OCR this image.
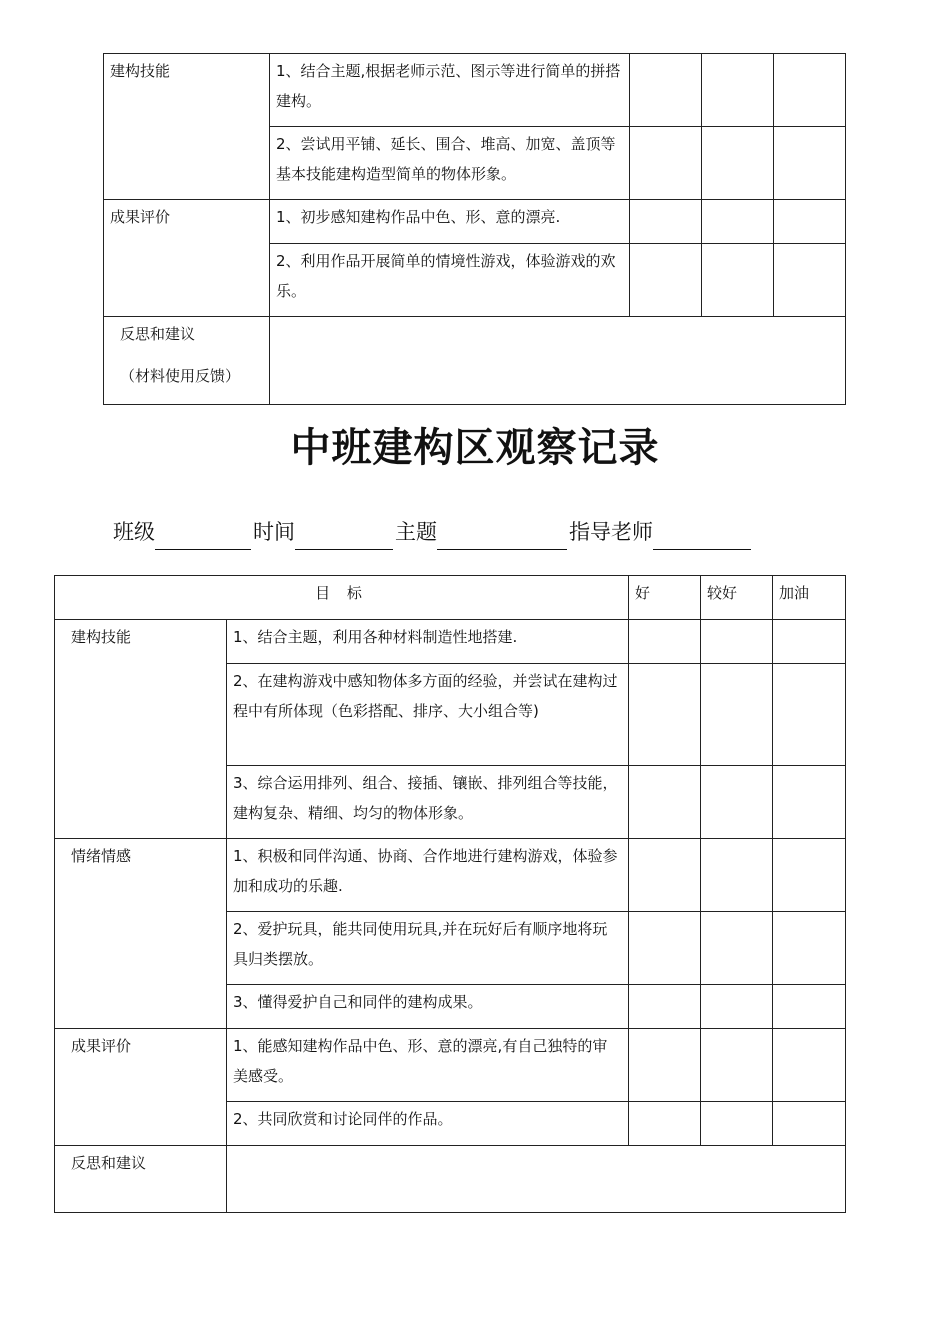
建构技能	1、结合主题,根据老师示范、图示等进行简单的拼搭建构。			
	2、尝试用平铺、延长、围合、堆高、加宽、盖顶等基本技能建构造型简单的物体形象。			
成果评价	1、初步感知建构作品中色、形、意的漂亮.			
	2、利用作品开展简单的情境性游戏，体验游戏的欢乐。			
反思和建议
（材料使用反馈）				

中班建构区观察记录
班级	时间	主题	指导老师
目 标		好	较好	加油
建构技能	1、结合主题，利用各种材料制造性地搭建.			
	2、在建构游戏中感知物体多方面的经验，并尝试在建构过程中有所体现（色彩搭配、排序、大小组合等)			
	3、综合运用排列、组合、接插、镶嵌、排列组合等技能，建构复杂、精细、均匀的物体形象。			
情绪情感	1、积极和同伴沟通、协商、合作地进行建构游戏，体验参加和成功的乐趣.			
	2、爱护玩具，能共同使用玩具,并在玩好后有顺序地将玩具归类摆放。			
	3、懂得爱护自己和同伴的建构成果。			
成果评价	1、能感知建构作品中色、形、意的漂亮,有自己独特的审美感受。			
	2、共同欣赏和讨论同伴的作品。			
反思和建议				
